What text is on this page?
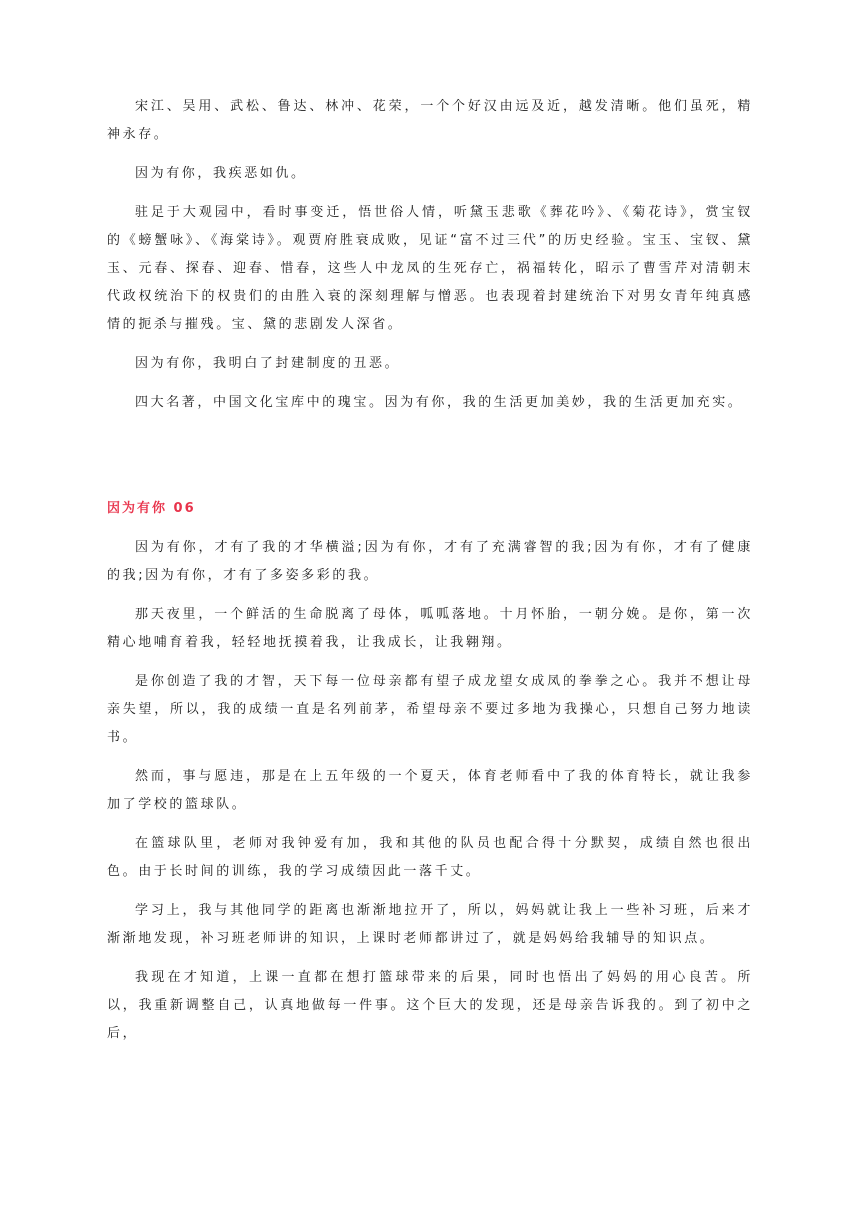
宋江、吴用、武松、鲁达、林冲、花荣，一个个好汉由远及近，越发清晰。他们虽死，精神永存。

因为有你，我疾恶如仇。

驻足于大观园中，看时事变迁，悟世俗人情，听黛玉悲歌《葬花吟》、《菊花诗》，赏宝钗的《螃蟹咏》、《海棠诗》。观贾府胜衰成败，见证“富不过三代”的历史经验。宝玉、宝钗、黛玉、元春、探春、迎春、惜春，这些人中龙凤的生死存亡，祸福转化，昭示了曹雪芹对清朝末代政权统治下的权贵们的由胜入衰的深刻理解与憎恶。也表现着封建统治下对男女青年纯真感情的扼杀与摧残。宝、黛的悲剧发人深省。

因为有你，我明白了封建制度的丑恶。

四大名著，中国文化宝库中的瑰宝。因为有你，我的生活更加美妙，我的生活更加充实。

因为有你 06

因为有你，才有了我的才华横溢;因为有你，才有了充满睿智的我;因为有你，才有了健康的我;因为有你，才有了多姿多彩的我。

那天夜里，一个鲜活的生命脱离了母体，呱呱落地。十月怀胎，一朝分娩。是你，第一次精心地哺育着我，轻轻地抚摸着我，让我成长，让我翱翔。

是你创造了我的才智，天下每一位母亲都有望子成龙望女成凤的拳拳之心。我并不想让母亲失望，所以，我的成绩一直是名列前茅，希望母亲不要过多地为我操心，只想自己努力地读书。

然而，事与愿违，那是在上五年级的一个夏天，体育老师看中了我的体育特长，就让我参加了学校的篮球队。

在篮球队里，老师对我钟爱有加，我和其他的队员也配合得十分默契，成绩自然也很出色。由于长时间的训练，我的学习成绩因此一落千丈。

学习上，我与其他同学的距离也渐渐地拉开了，所以，妈妈就让我上一些补习班，后来才渐渐地发现，补习班老师讲的知识，上课时老师都讲过了，就是妈妈给我辅导的知识点。

我现在才知道，上课一直都在想打篮球带来的后果，同时也悟出了妈妈的用心良苦。所以，我重新调整自己，认真地做每一件事。这个巨大的发现，还是母亲告诉我的。到了初中之后，
